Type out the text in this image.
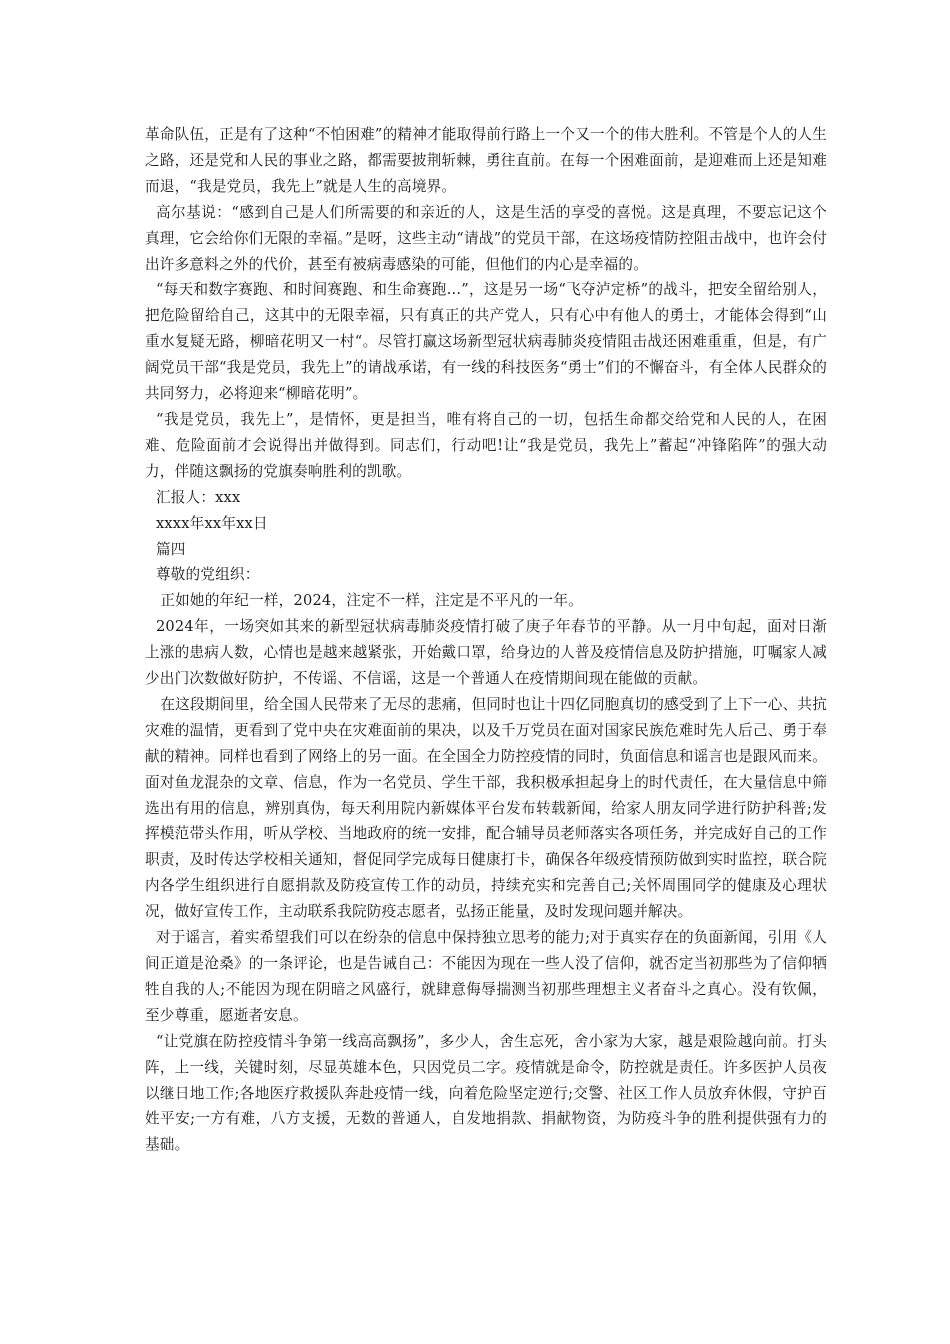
革命队伍，正是有了这种“不怕困难”的精神才能取得前行路上一个又一个的伟大胜利。不管是个人的人生之路，还是党和人民的事业之路，都需要披荆斩棘，勇往直前。在每一个困难面前，是迎难而上还是知难而退，“我是党员，我先上”就是人生的高境界。

高尔基说：“感到自己是人们所需要的和亲近的人，这是生活的享受的喜悦。这是真理，不要忘记这个真理，它会给你们无限的幸福。”是呀，这些主动“请战”的党员干部，在这场疫情防控阻击战中，也许会付出许多意料之外的代价，甚至有被病毒感染的可能，但他们的内心是幸福的。

“每天和数字赛跑、和时间赛跑、和生命赛跑...”，这是另一场“飞夺泸定桥”的战斗，把安全留给别人，把危险留给自己，这其中的无限幸福，只有真正的共产党人，只有心中有他人的勇士，才能体会得到“山重水复疑无路，柳暗花明又一村“。尽管打赢这场新型冠状病毒肺炎疫情阻击战还困难重重，但是，有广阔党员干部“我是党员，我先上”的请战承诺，有一线的科技医务“勇士”们的不懈奋斗，有全体人民群众的共同努力，必将迎来“柳暗花明”。

“我是党员，我先上”，是情怀，更是担当，唯有将自己的一切，包括生命都交给党和人民的人，在困难、危险面前才会说得出并做得到。同志们，行动吧!让“我是党员，我先上”蓄起“冲锋陷阵”的强大动力，伴随这飘扬的党旗奏响胜利的凯歌。

汇报人：xxx

xxxx年xx年xx日

篇四

尊敬的党组织：

正如她的年纪一样，2024，注定不一样，注定是不平凡的一年。

2024年，一场突如其来的新型冠状病毒肺炎疫情打破了庚子年春节的平静。从一月中旬起，面对日渐上涨的患病人数，心情也是越来越紧张，开始戴口罩，给身边的人普及疫情信息及防护措施，叮嘱家人减少出门次数做好防护，不传谣、不信谣，这是一个普通人在疫情期间现在能做的贡献。

在这段期间里，给全国人民带来了无尽的悲痛，但同时也让十四亿同胞真切的感受到了上下一心、共抗灾难的温情，更看到了党中央在灾难面前的果决，以及千万党员在面对国家民族危难时先人后己、勇于奉献的精神。同样也看到了网络上的另一面。在全国全力防控疫情的同时，负面信息和谣言也是跟风而来。面对鱼龙混杂的文章、信息，作为一名党员、学生干部，我积极承担起身上的时代责任，在大量信息中筛选出有用的信息，辨别真伪，每天利用院内新媒体平台发布转载新闻，给家人朋友同学进行防护科普;发挥模范带头作用，听从学校、当地政府的统一安排，配合辅导员老师落实各项任务，并完成好自己的工作职责，及时传达学校相关通知，督促同学完成每日健康打卡，确保各年级疫情预防做到实时监控，联合院内各学生组织进行自愿捐款及防疫宣传工作的动员，持续充实和完善自己;关怀周围同学的健康及心理状况，做好宣传工作，主动联系我院防疫志愿者，弘扬正能量，及时发现问题并解决。

对于谣言，着实希望我们可以在纷杂的信息中保持独立思考的能力;对于真实存在的负面新闻，引用《人间正道是沧桑》的一条评论，也是告诫自己：不能因为现在一些人没了信仰，就否定当初那些为了信仰牺牲自我的人;不能因为现在阴暗之风盛行，就肆意侮辱揣测当初那些理想主义者奋斗之真心。没有钦佩，至少尊重，愿逝者安息。

“让党旗在防控疫情斗争第一线高高飘扬”，多少人，舍生忘死，舍小家为大家，越是艰险越向前。打头阵，上一线，关键时刻，尽显英雄本色，只因党员二字。疫情就是命令，防控就是责任。许多医护人员夜以继日地工作;各地医疗救援队奔赴疫情一线，向着危险坚定逆行;交警、社区工作人员放弃休假，守护百姓平安;一方有难，八方支援，无数的普通人，自发地捐款、捐献物资，为防疫斗争的胜利提供强有力的基础。
